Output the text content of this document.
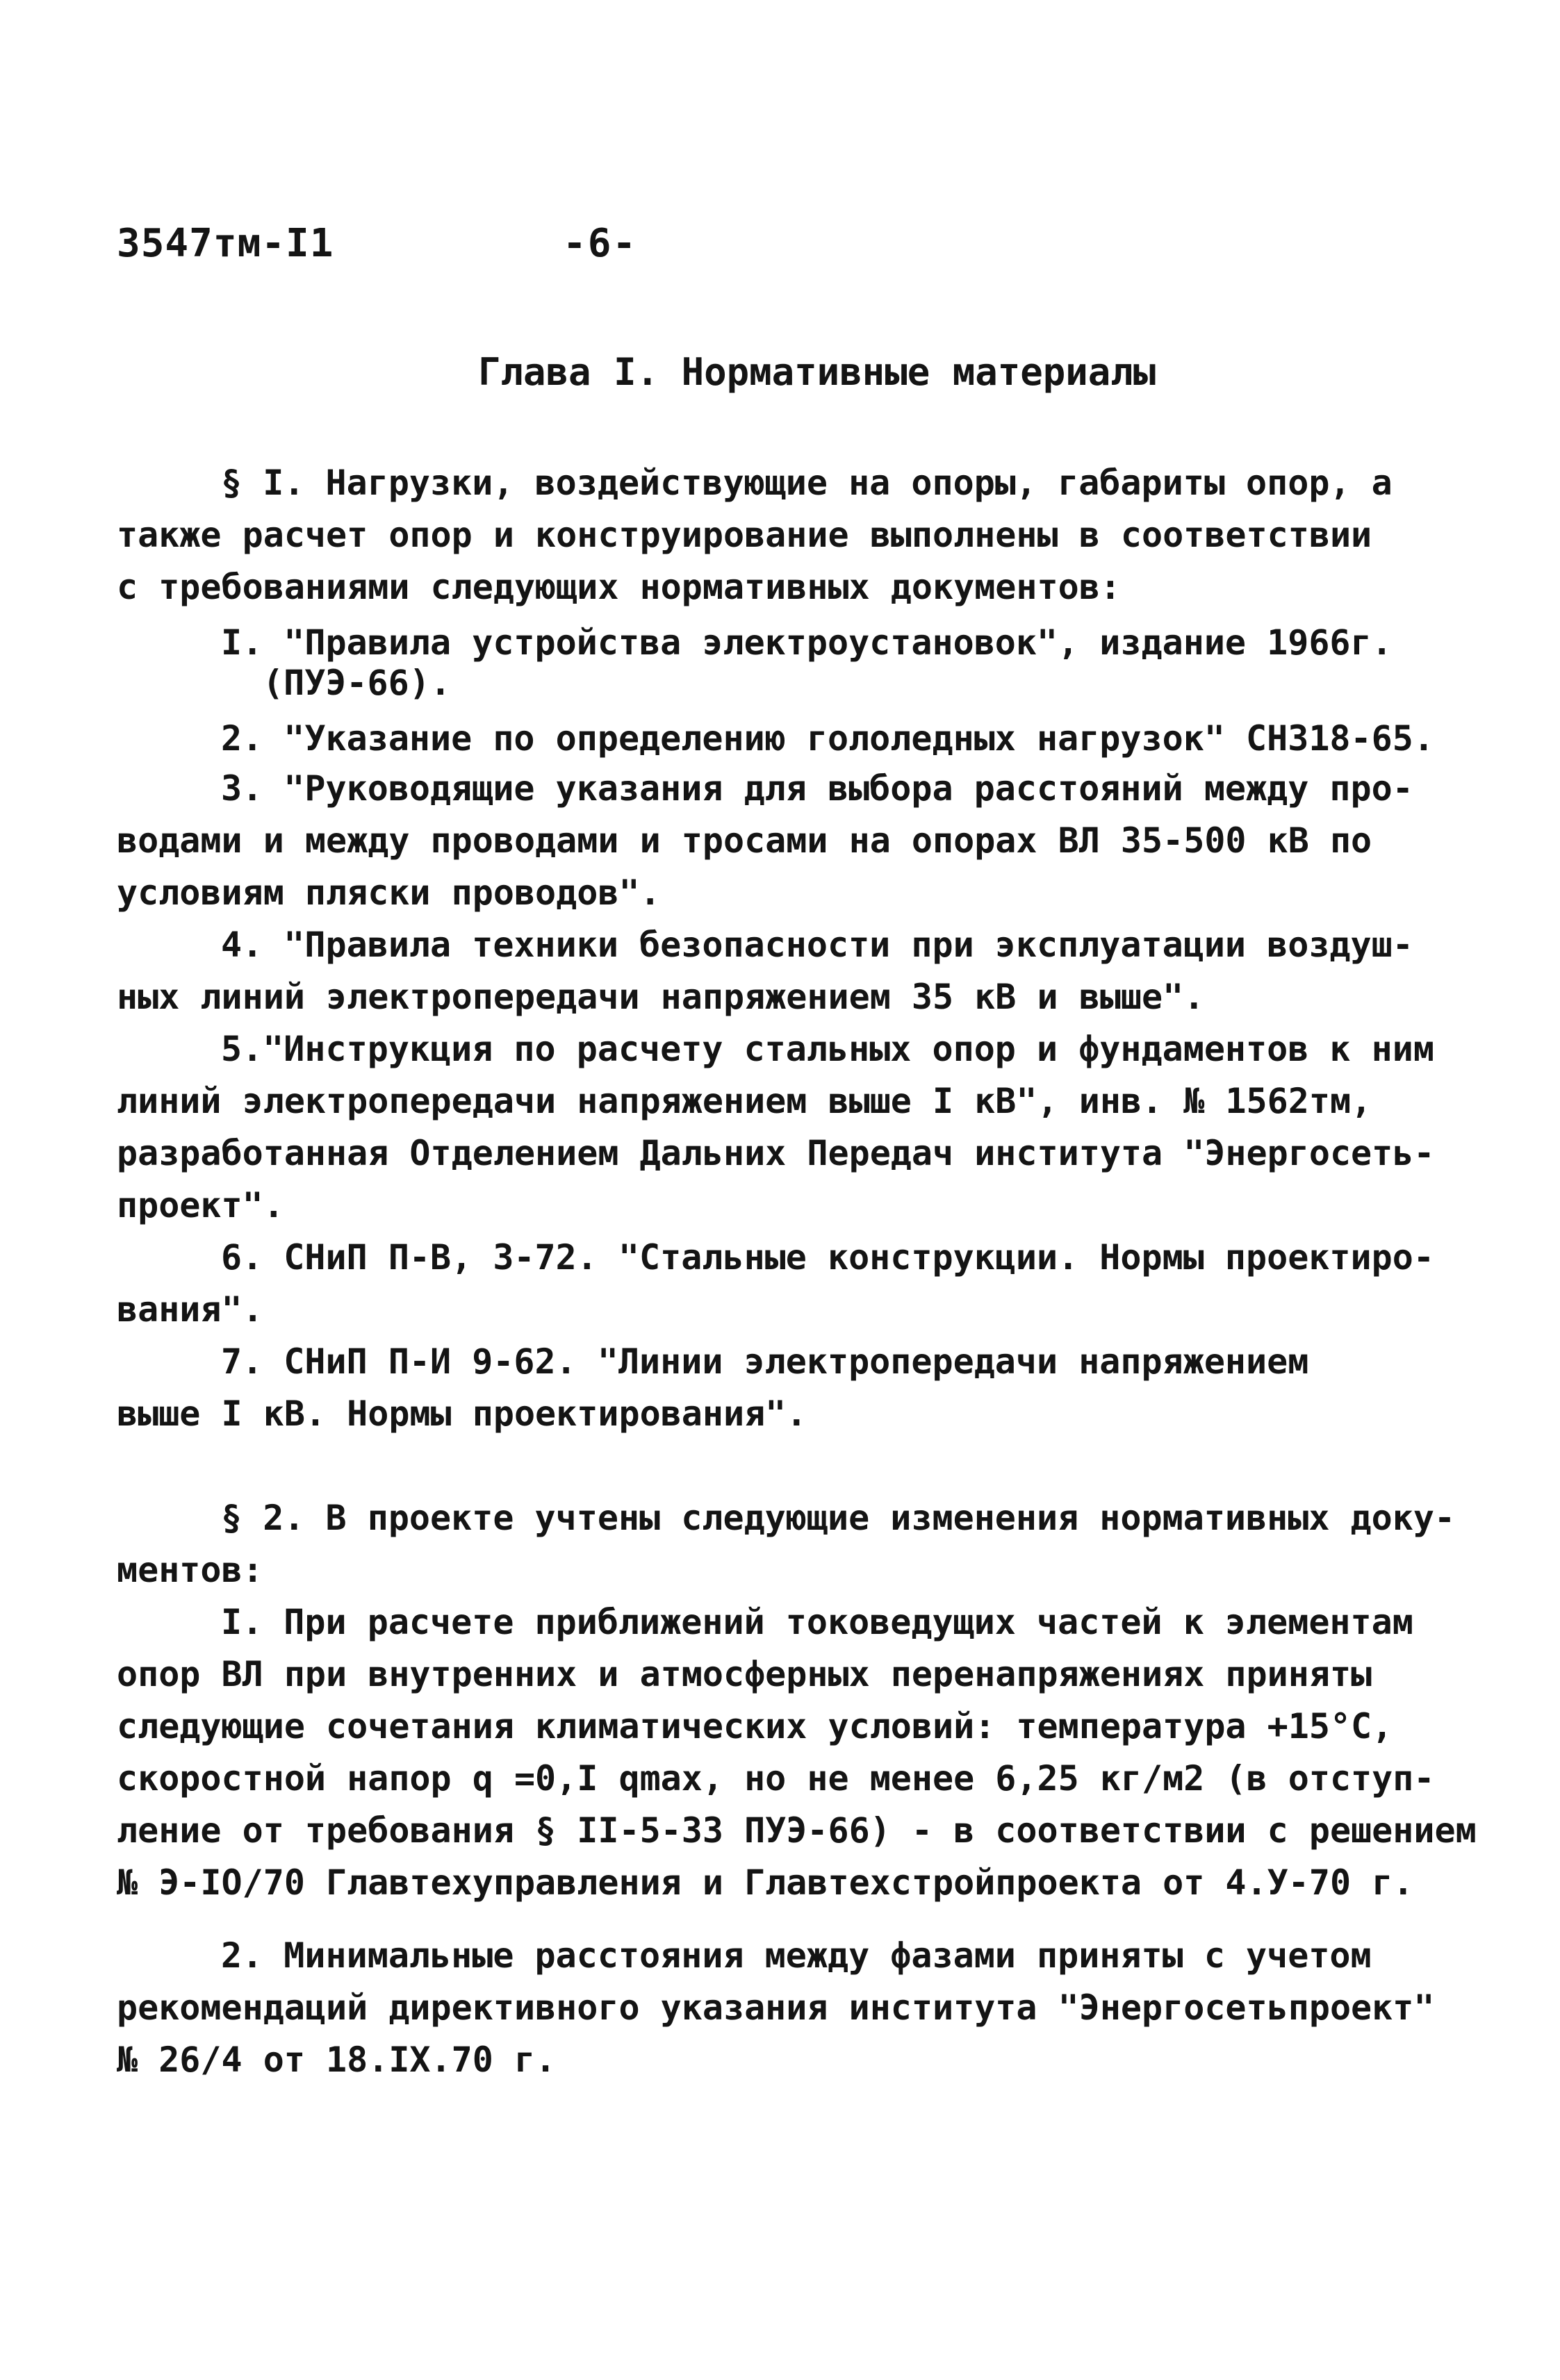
3547тм-I1	-6-
Глава I. Нормативные материалы
§ I. Нагрузки, воздействующие на опоры, габариты опор, а
также расчет опор и конструирование выполнены в соответствии
с требованиями следующих нормативных документов:
I. "Правила устройства электроустановок", издание 1966г.
(ПУЭ-66).
2. "Указание по определению гололедных нагрузок" СН318-65.
3. "Руководящие указания для выбора расстояний между про-
водами и между проводами и тросами на опорах ВЛ 35-500 кВ по
условиям пляски проводов".
4. "Правила техники безопасности при эксплуатации воздуш-
ных линий электропередачи напряжением 35 кВ и выше".
5."Инструкция по расчету стальных опор и фундаментов к ним
линий электропередачи напряжением выше I кВ", инв. № 1562тм,
разработанная Отделением Дальних Передач института "Энергосеть-
проект".
6. СНиП П-В, 3-72. "Стальные конструкции. Нормы проектиро-
вания".
7. СНиП П-И 9-62. "Линии электропередачи напряжением
выше I кВ. Нормы проектирования".
§ 2. В проекте учтены следующие изменения нормативных доку-
ментов:
I. При расчете приближений токоведущих частей к элементам
опор ВЛ при внутренних и атмосферных перенапряжениях приняты
следующие сочетания климатических условий: температура +15°С,
скоростной напор q =0,I qmax, но не менее 6,25 кг/м2 (в отступ-
ление от требования § II-5-33 ПУЭ-66) - в соответствии с решением
№ Э-IO/70 Главтехуправления и Главтехстройпроекта от 4.У-70 г.
2. Минимальные расстояния между фазами приняты с учетом
рекомендаций директивного указания института "Энергосетьпроект"
№ 26/4 от 18.IX.70 г.
